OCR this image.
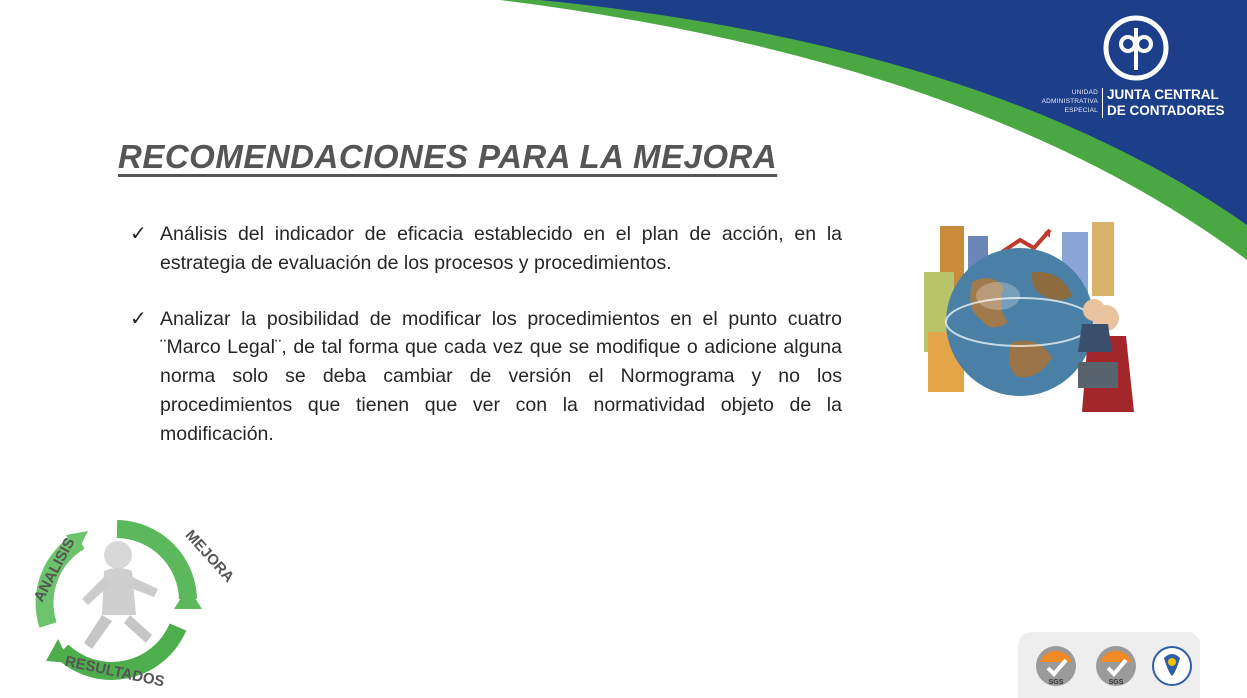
UNIDAD
ADMINISTRATIVA
ESPECIAL
JUNTA CENTRAL
DE CONTADORES
RECOMENDACIONES PARA LA MEJORA
✓ Análisis del indicador de eficacia establecido en el plan de acción, en la estrategia de evaluación de los procesos y procedimientos.
✓ Analizar la posibilidad de modificar los procedimientos en el punto cuatro ¨Marco Legal¨, de tal forma que cada vez que se modifique o adicione alguna norma solo se deba cambiar de versión el Normograma y no los procedimientos que tienen que ver con la normatividad objeto de la modificación.
ANALISIS	MEJORA
RESULTADOS	SGS	SGS
